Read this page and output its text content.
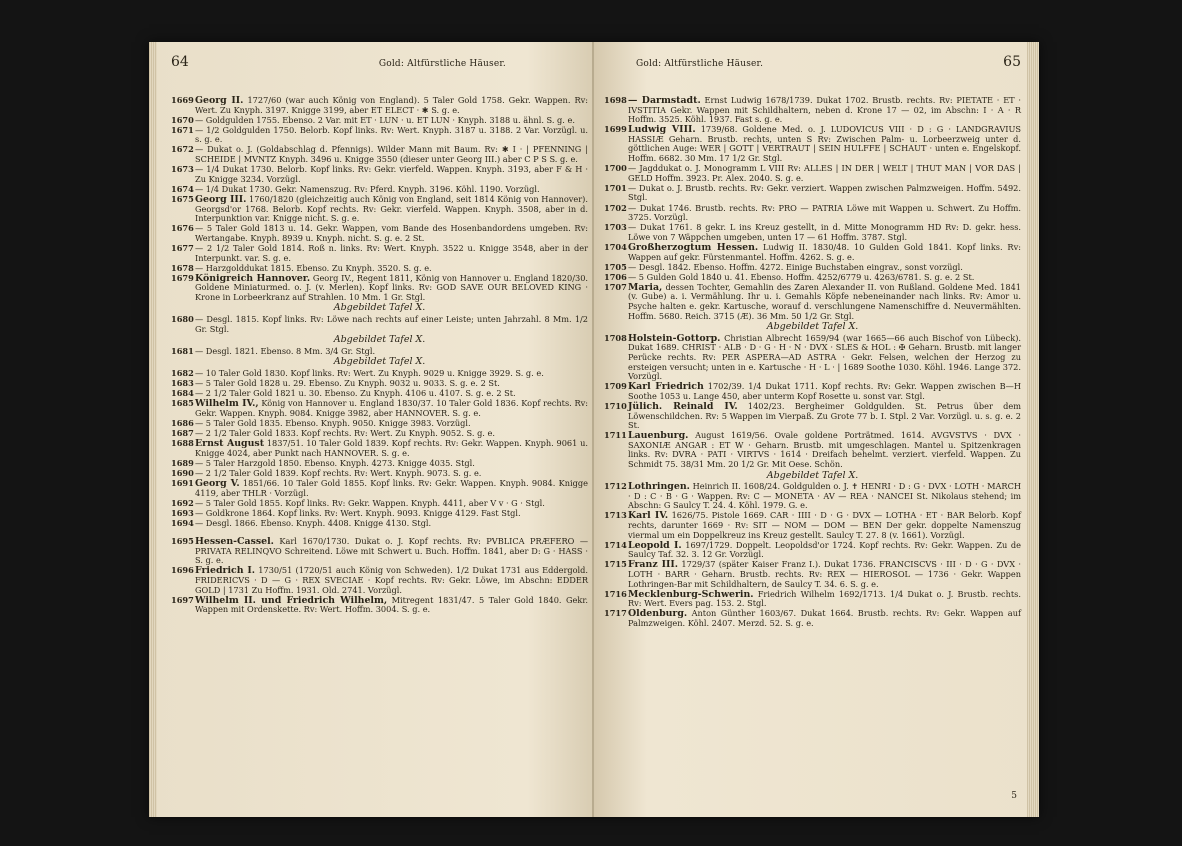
64	Gold: Altfürstliche Häuser.
1669 Georg II. 1727/60 (war auch König von England). 5 Taler Gold 1758. Gekr. Wappen. Rv: Wert. Zu Knyph. 3197. Knigge 3199, aber ET ELECT · ✱ S. g. e.
1670 — Goldgulden 1755. Ebenso. 2 Var. mit ET · LUN · u. ET LUN · Knyph. 3188 u. ähnl. S. g. e.
1671 — 1/2 Goldgulden 1750. Belorb. Kopf links. Rv: Wert. Knyph. 3187 u. 3188. 2 Var. Vorzügl. u. s. g. e.
1672 — Dukat o. J. (Goldabschlag d. Pfennigs). Wilder Mann mit Baum. Rv: ✱ I · | PFENNING | SCHEIDE | MVNTZ Knyph. 3496 u. Knigge 3550 (dieser unter Georg III.) aber C P S S. g. e.
1673 — 1/4 Dukat 1730. Belorb. Kopf links. Rv: Gekr. vierfeld. Wappen. Knyph. 3193, aber F & H · Zu Knigge 3234. Vorzügl.
1674 — 1/4 Dukat 1730. Gekr. Namenszug. Rv: Pferd. Knyph. 3196. Köhl. 1190. Vorzügl.
1675 Georg III. 1760/1820 (gleichzeitig auch König von England, seit 1814 König von Hannover). Georgsd'or 1768. Belorb. Kopf rechts. Rv: Gekr. vierfeld. Wappen. Knyph. 3508, aber in d. Interpunktion var. Knigge nicht. S. g. e.
1676 — 5 Taler Gold 1813 u. 14. Gekr. Wappen, vom Bande des Hosenbandordens umgeben. Rv: Wertangabe. Knyph. 8939 u. Knyph. nicht. S. g. e. 2 St.
1677 — 2 1/2 Taler Gold 1814. Roß n. links. Rv: Wert. Knyph. 3522 u. Knigge 3548, aber in der Interpunkt. var. S. g. e.
1678 — Harzgolddukat 1815. Ebenso. Zu Knyph. 3520. S. g. e.
1679 Königreich Hannover. Georg IV., Regent 1811, König von Hannover u. England 1820/30. Goldene Miniaturmed. o. J. (v. Merlen). Kopf links. Rv: GOD SAVE OUR BELOVED KING · Krone in Lorbeerkranz auf Strahlen. 10 Mm. 1 Gr. Stgl.
Abgebildet Tafel X.
1680 — Desgl. 1815. Kopf links. Rv: Löwe nach rechts auf einer Leiste; unten Jahrzahl. 8 Mm. 1/2 Gr. Stgl.
Abgebildet Tafel X.
1681 — Desgl. 1821. Ebenso. 8 Mm. 3/4 Gr. Stgl.
Abgebildet Tafel X.
1682 — 10 Taler Gold 1830. Kopf links. Rv: Wert. Zu Knyph. 9029 u. Knigge 3929. S. g. e.
1683 — 5 Taler Gold 1828 u. 29. Ebenso. Zu Knyph. 9032 u. 9033. S. g. e. 2 St.
1684 — 2 1/2 Taler Gold 1821 u. 30. Ebenso. Zu Knyph. 4106 u. 4107. S. g. e. 2 St.
1685 Wilhelm IV., König von Hannover u. England 1830/37. 10 Taler Gold 1836. Kopf rechts. Rv: Gekr. Wappen. Knyph. 9084. Knigge 3982, aber HANNOVER. S. g. e.
1686 — 5 Taler Gold 1835. Ebenso. Knyph. 9050. Knigge 3983. Vorzügl.
1687 — 2 1/2 Taler Gold 1833. Kopf rechts. Rv: Wert. Zu Knyph. 9052. S. g. e.
1688 Ernst August 1837/51. 10 Taler Gold 1839. Kopf rechts. Rv: Gekr. Wappen. Knyph. 9061 u. Knigge 4024, aber Punkt nach HANNOVER. S. g. e.
1689 — 5 Taler Harzgold 1850. Ebenso. Knyph. 4273. Knigge 4035. Stgl.
1690 — 2 1/2 Taler Gold 1839. Kopf rechts. Rv: Wert. Knyph. 9073. S. g. e.
1691 Georg V. 1851/66. 10 Taler Gold 1855. Kopf links. Rv: Gekr. Wappen. Knyph. 9084. Knigge 4119, aber THLR · Vorzügl.
1692 — 5 Taler Gold 1855. Kopf links. Rv: Gekr. Wappen. Knyph. 4411, aber V v · G · Stgl.
1693 — Goldkrone 1864. Kopf links. Rv: Wert. Knyph. 9093. Knigge 4129. Fast Stgl.
1694 — Desgl. 1866. Ebenso. Knyph. 4408. Knigge 4130. Stgl.
1695 Hessen-Cassel. Karl 1670/1730. Dukat o. J. Kopf rechts. Rv: PVBLICA PRÆFERO — PRIVATA RELINQVO Schreitend. Löwe mit Schwert u. Buch. Hoffm. 1841, aber D: G · HASS · S. g. e.
1696 Friedrich I. 1730/51 (1720/51 auch König von Schweden). 1/2 Dukat 1731 aus Eddergold. FRIDERICVS · D — G · REX SVECIAE · Kopf rechts. Rv: Gekr. Löwe, im Abschn: EDDER GOLD | 1731 Zu Hoffm. 1931. Old. 2741. Vorzügl.
1697 Wilhelm II. und Friedrich Wilhelm, Mitregent 1831/47. 5 Taler Gold 1840. Gekr. Wappen mit Ordenskette. Rv: Wert. Hoffm. 3004. S. g. e.
Gold: Altfürstliche Häuser.	65
1698 — Darmstadt. Ernst Ludwig 1678/1739. Dukat 1702. Brustb. rechts. Rv: PIETATE · ET · IVSTITIA Gekr. Wappen mit Schildhaltern, neben d. Krone 17 — 02, im Abschn: I · A · R Hoffm. 3525. Köhl. 1937. Fast s. g. e.
1699 Ludwig VIII. 1739/68. Goldene Med. o. J. LUDOVICUS VIII · D : G · LANDGRAVIUS HASSIÆ Geharn. Brustb. rechts, unten S Rv: Zwischen Palm- u. Lorbeerzweig unter d. göttlichen Auge: WER | GOTT | VERTRAUT | SEIN HULFFE | SCHAUT · unten e. Engelskopf. Hoffm. 6682. 30 Mm. 17 1/2 Gr. Stgl.
1700 — Jagddukat o. J. Monogramm L VIII Rv: ALLES | IN DER | WELT | THUT MAN | VOR DAS | GELD Hoffm. 3923. Pr. Alex. 2040. S. g. e.
1701 — Dukat o. J. Brustb. rechts. Rv: Gekr. verziert. Wappen zwischen Palmzweigen. Hoffm. 5492. Stgl.
1702 — Dukat 1746. Brustb. rechts. Rv: PRO — PATRIA Löwe mit Wappen u. Schwert. Zu Hoffm. 3725. Vorzügl.
1703 — Dukat 1761. 8 gekr. L ins Kreuz gestellt, in d. Mitte Monogramm HD Rv: D. gekr. hess. Löwe von 7 Wäppchen umgeben, unten 17 — 61 Hoffm. 3787. Stgl.
1704 Großherzogtum Hessen. Ludwig II. 1830/48. 10 Gulden Gold 1841. Kopf links. Rv: Wappen auf gekr. Fürstenmantel. Hoffm. 4262. S. g. e.
1705 — Desgl. 1842. Ebenso. Hoffm. 4272. Einige Buchstaben eingrav., sonst vorzügl.
1706 — 5 Gulden Gold 1840 u. 41. Ebenso. Hoffm. 4252/6779 u. 4263/6781. S. g. e. 2 St.
1707 Maria, dessen Tochter, Gemahlin des Zaren Alexander II. von Rußland. Goldene Med. 1841 (v. Gube) a. i. Vermählung. Ihr u. i. Gemahls Köpfe nebeneinander nach links. Rv: Amor u. Psyche halten e. gekr. Kartusche, worauf d. verschlungene Namenschiffre d. Neuvermählten. Hoffm. 5680. Reich. 3715 (Æ). 36 Mm. 50 1/2 Gr. Stgl.
Abgebildet Tafel X.
1708 Holstein-Gottorp. Christian Albrecht 1659/94 (war 1665—66 auch Bischof von Lübeck). Dukat 1689. CHRIST · ALB · D · G · H · N · DVX · SLES & HOL : ✠ Geharn. Brustb. mit langer Perücke rechts. Rv: PER ASPERA—AD ASTRA · Gekr. Felsen, welchen der Herzog zu ersteigen versucht; unten in e. Kartusche · H · L · | 1689 Soothe 1030. Köhl. 1946. Lange 372. Vorzügl.
1709 Karl Friedrich 1702/39. 1/4 Dukat 1711. Kopf rechts. Rv: Gekr. Wappen zwischen B—H Soothe 1053 u. Lange 450, aber unterm Kopf Rosette u. sonst var. Stgl.
1710 Jülich. Reinald IV. 1402/23. Bergheimer Goldgulden. St. Petrus über dem Löwenschildchen. Rv: 5 Wappen im Vierpaß. Zu Grote 77 b. I. Stpl. 2 Var. Vorzügl. u. s. g. e. 2 St.
1711 Lauenburg. August 1619/56. Ovale goldene Porträtmed. 1614. AVGVSTVS · DVX · SAXONIÆ ANGAR : ET W · Geharn. Brustb. mit umgeschlagen. Mantel u. Spitzenkragen links. Rv: DVRA · PATI · VIRTVS · 1614 · Dreifach behelmt. verziert. vierfeld. Wappen. Zu Schmidt 75. 38/31 Mm. 20 1/2 Gr. Mit Oese. Schön.
Abgebildet Tafel X.
1712 Lothringen. Heinrich II. 1608/24. Goldgulden o. J. ✝ HENRI · D : G · DVX · LOTH · MARCH · D : C · B · G · Wappen. Rv: C — MONETA · AV — REA · NANCEI St. Nikolaus stehend; im Abschn: G Saulcy T. 24. 4. Köhl. 1979. G. e.
1713 Karl IV. 1626/75. Pistole 1669. CAR · IIII · D · G · DVX — LOTHA · ET · BAR Belorb. Kopf rechts, darunter 1669 · Rv: SIT — NOM — DOM — BEN Der gekr. doppelte Namenszug viermal um ein Doppelkreuz ins Kreuz gestellt. Saulcy T. 27. 8 (v. 1661). Vorzügl.
1714 Leopold I. 1697/1729. Doppelt. Leopoldsd'or 1724. Kopf rechts. Rv: Gekr. Wappen. Zu de Saulcy Taf. 32. 3. 12 Gr. Vorzügl.
1715 Franz III. 1729/37 (später Kaiser Franz I.). Dukat 1736. FRANCISCVS · III · D · G · DVX · LOTH · BARR · Geharn. Brustb. rechts. Rv: REX — HIEROSOL — 1736 · Gekr. Wappen Lothringen-Bar mit Schildhaltern, de Saulcy T. 34. 6. S. g. e.
1716 Mecklenburg-Schwerin. Friedrich Wilhelm 1692/1713. 1/4 Dukat o. J. Brustb. rechts. Rv: Wert. Evers pag. 153. 2. Stgl.
1717 Oldenburg. Anton Günther 1603/67. Dukat 1664. Brustb. rechts. Rv: Gekr. Wappen auf Palmzweigen. Köhl. 2407. Merzd. 52. S. g. e.
5
